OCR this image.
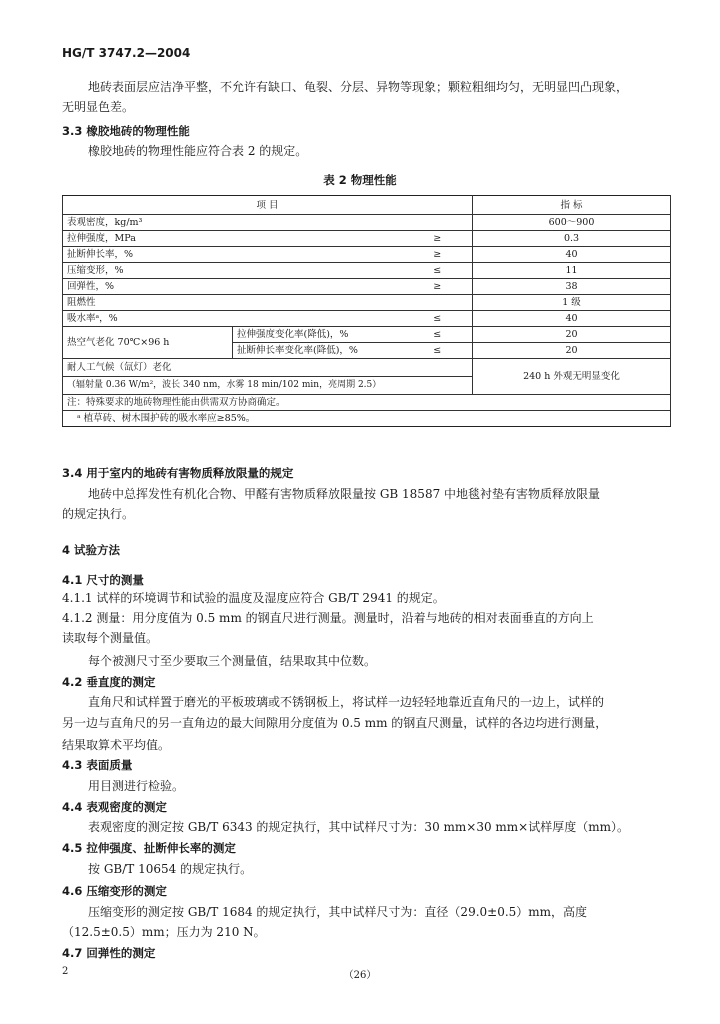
HG/T 3747.2—2004
地砖表面层应洁净平整，不允许有缺口、龟裂、分层、异物等现象；颗粒粗细均匀，无明显凹凸现象，
无明显色差。
3.3 橡胶地砖的物理性能
橡胶地砖的物理性能应符合表 2 的规定。
表 2 物理性能
项 目			指 标
表观密度，kg/m³			600～900
拉伸强度，MPa		≥	0.3
扯断伸长率，%		≥	40
压缩变形，%		≤	11
回弹性，%		≥	38
阻燃性			1 级
吸水率ᵃ，%		≤	40
热空气老化 70℃×96 h	拉伸强度变化率(降低)，%	≤	20
	扯断伸长率变化率(降低)，%	≤	20
耐人工气候（氙灯）老化			240 h 外观无明显变化
（辐射量 0.36 W/m²，波长 340 nm，水雾 18 min/102 min，亮周期 2.5）			
注：特殊要求的地砖物理性能由供需双方协商确定。			
ᵃ 植草砖、树木围护砖的吸水率应≥85%。			
3.4 用于室内的地砖有害物质释放限量的规定
地砖中总挥发性有机化合物、甲醛有害物质释放限量按 GB 18587 中地毯衬垫有害物质释放限量
的规定执行。
4 试验方法
4.1 尺寸的测量
4.1.1 试样的环境调节和试验的温度及湿度应符合 GB/T 2941 的规定。
4.1.2 测量：用分度值为 0.5 mm 的钢直尺进行测量。测量时，沿着与地砖的相对表面垂直的方向上
读取每个测量值。
每个被测尺寸至少要取三个测量值，结果取其中位数。
4.2 垂直度的测定
直角尺和试样置于磨光的平板玻璃或不锈钢板上，将试样一边轻轻地靠近直角尺的一边上，试样的
另一边与直角尺的另一直角边的最大间隙用分度值为 0.5 mm 的钢直尺测量，试样的各边均进行测量，
结果取算术平均值。
4.3 表面质量
用目测进行检验。
4.4 表观密度的测定
表观密度的测定按 GB/T 6343 的规定执行，其中试样尺寸为：30 mm×30 mm×试样厚度（mm）。
4.5 拉伸强度、扯断伸长率的测定
按 GB/T 10654 的规定执行。
4.6 压缩变形的测定
压缩变形的测定按 GB/T 1684 的规定执行，其中试样尺寸为：直径（29.0±0.5）mm，高度
（12.5±0.5）mm；压力为 210 N。
4.7 回弹性的测定
2	（26）
